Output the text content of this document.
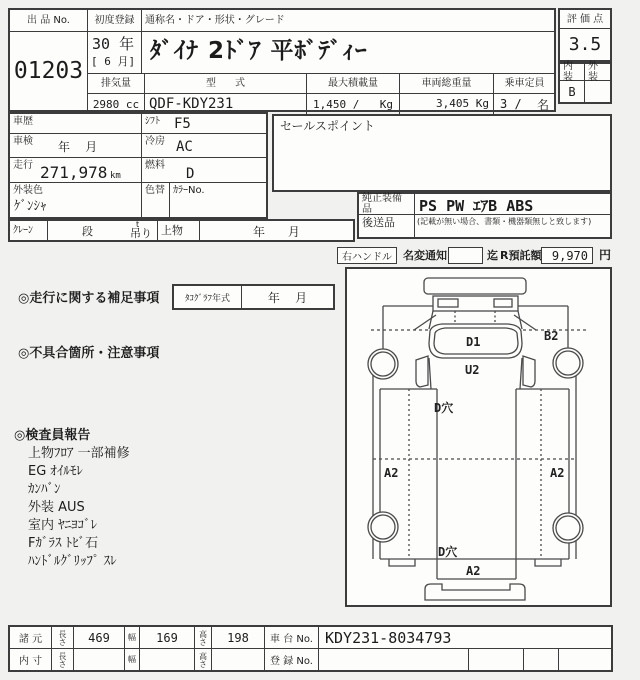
出 品 No.
01203
初度登録
30 年
[ 6 月]
通称名・ドア・形状・グレード
ﾀﾞｲﾅ 2ﾄﾞｱ 平ﾎﾞﾃﾞｨｰ
排気量
2980 cc
型      式
QDF-KDY231
最大積載量
1,450 / Kg
車両総重量
3,405 Kg
乗車定員
3 / 名
評 価 点
3.5
内装
外装
B
車歴	ｼﾌﾄ F5
車検 年    月	冷房 AC
走行 271,978 km
燃料
D
外装色
ｹﾞﾝｼｬ
色替 ｶﾗｰNo.
ｸﾚｰﾝ	段
t
吊り 上物	年      月
セールスポイント
純正装備品	PS PW ｴｱB ABS
後送品	(記載が無い場合、書類・機器類無しと致します)
右ハンドル	名変通知	迄 R預託額 9,970 円
◎走行に関する補足事項	ﾀｺｸﾞﾗﾌ年式	年    月
◎不具合箇所・注意事項
◎検査員報告
上物ﾌﾛｱ 一部補修
EG ｵｲﾙﾓﾚ
ｶﾝﾊﾞﾝ
外装 AUS
室内 ﾔﾆﾖｺﾞﾚ
Fｶﾞﾗｽ ﾄﾋﾞ石
ﾊﾝﾄﾞﾙｸﾞﾘｯﾌﾟ ｽﾚ
D1	B2
U2
D穴
A2	A2
D穴
A2
諸 元	長さ	469	幅	169	高さ	198	車 台 No. KDY231-8034793
内 寸	長さ	幅	高さ	登 録 No.
